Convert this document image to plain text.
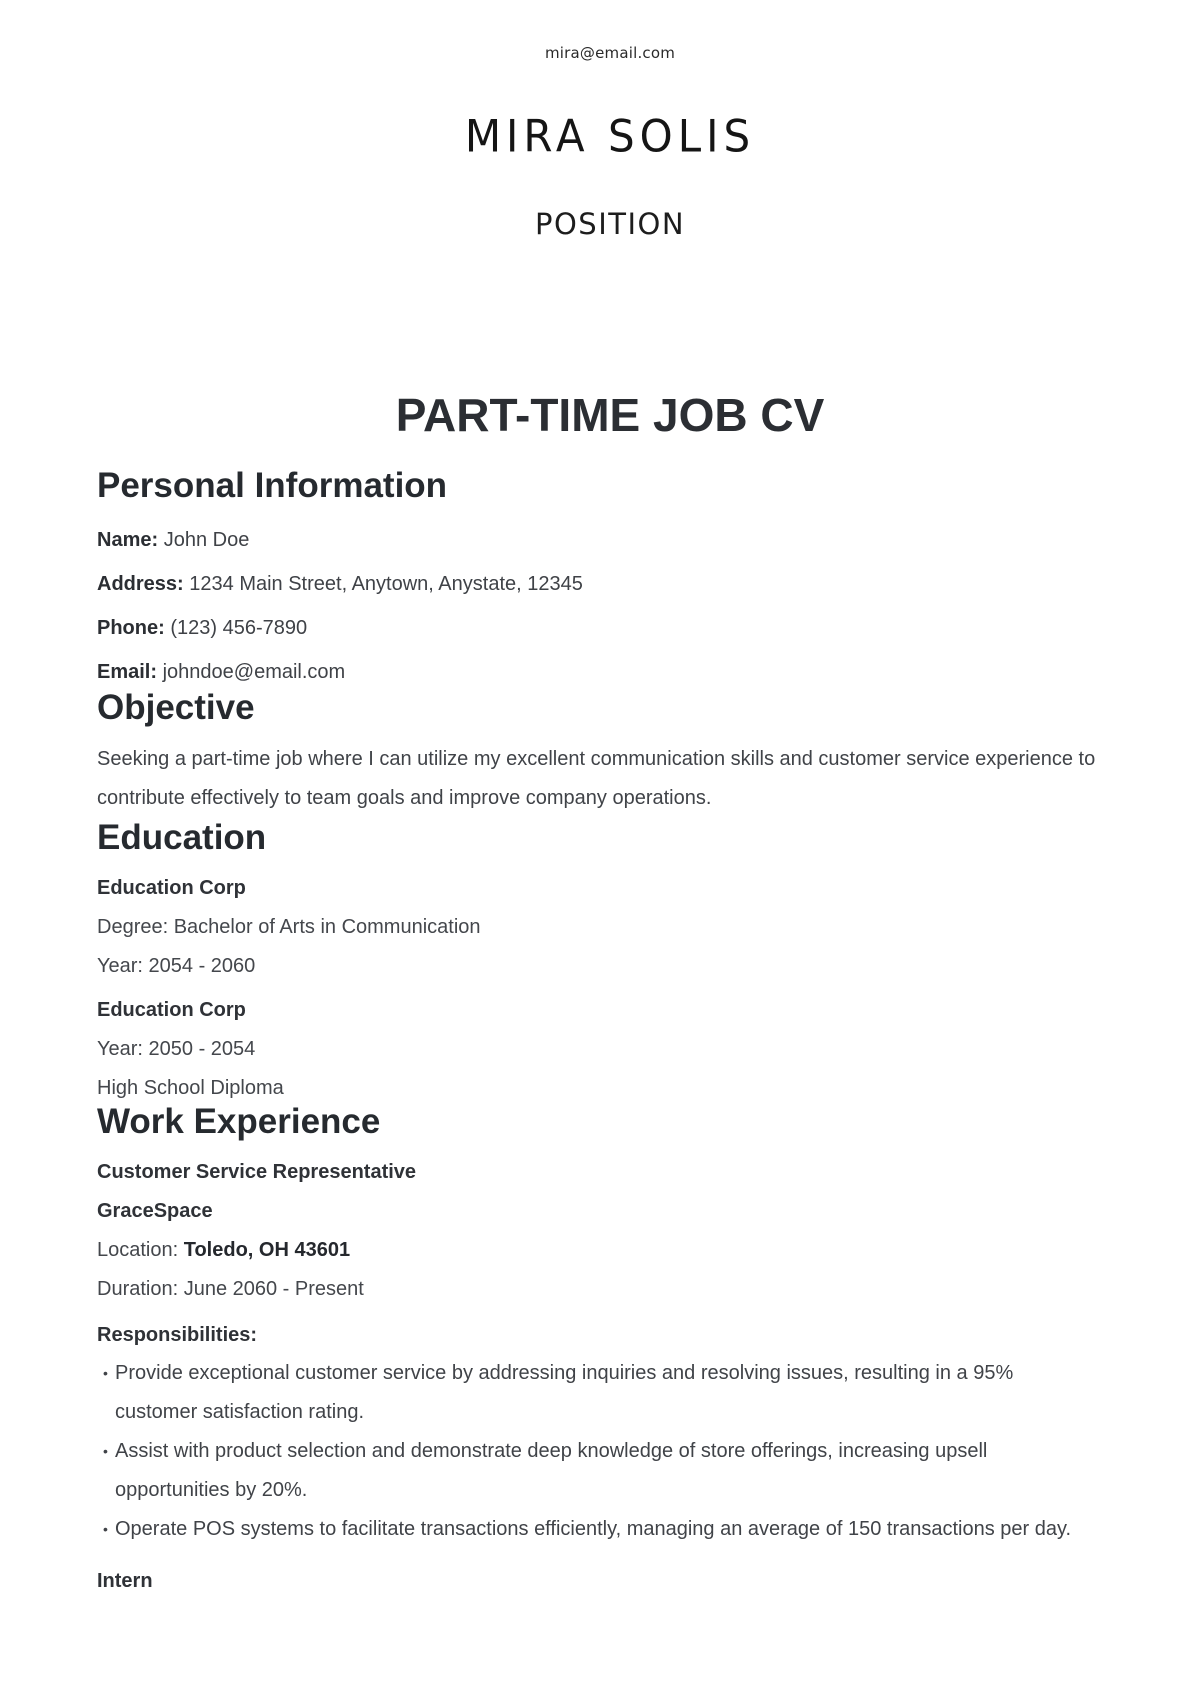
mira@email.com
MIRA SOLIS
POSITION
PART-TIME JOB CV
Personal Information

Name: John Doe

Address: 1234 Main Street, Anytown, Anystate, 12345

Phone: (123) 456-7890

Email: johndoe@email.com

Objective

Seeking a part-time job where I can utilize my excellent communication skills and customer service experience to contribute effectively to team goals and improve company operations.

Education

Education Corp

Degree: Bachelor of Arts in Communication

Year: 2054 - 2060

Education Corp

Year: 2050 - 2054

High School Diploma

Work Experience

Customer Service Representative

GraceSpace

Location: Toledo, OH 43601

Duration: June 2060 - Present

Responsibilities:

• Provide exceptional customer service by addressing inquiries and resolving issues, resulting in a 95% customer satisfaction rating.
• Assist with product selection and demonstrate deep knowledge of store offerings, increasing upsell opportunities by 20%.
• Operate POS systems to facilitate transactions efficiently, managing an average of 150 transactions per day.

Intern
